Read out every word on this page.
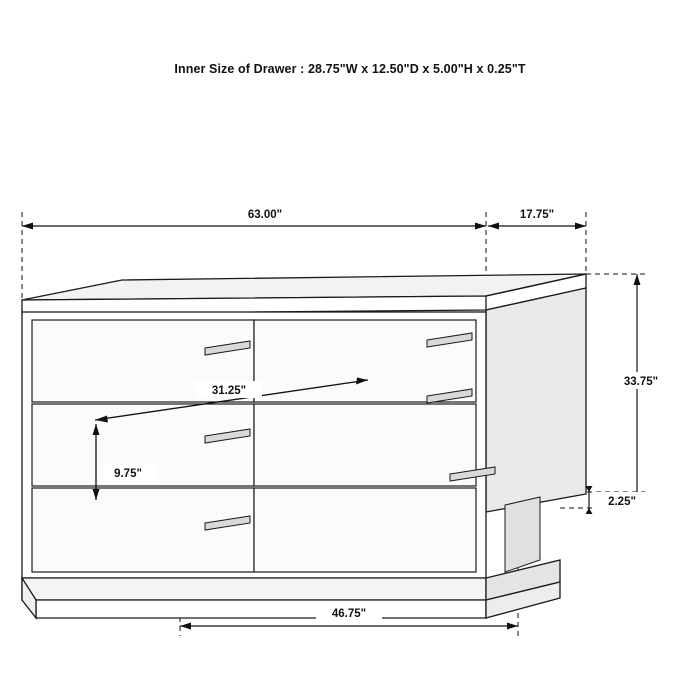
Inner Size of Drawer : 28.75"W x 12.50"D x 5.00"H x 0.25"T
63.00"	17.75"
31.25"
9.75"
33.75"
2.25"
46.75"
